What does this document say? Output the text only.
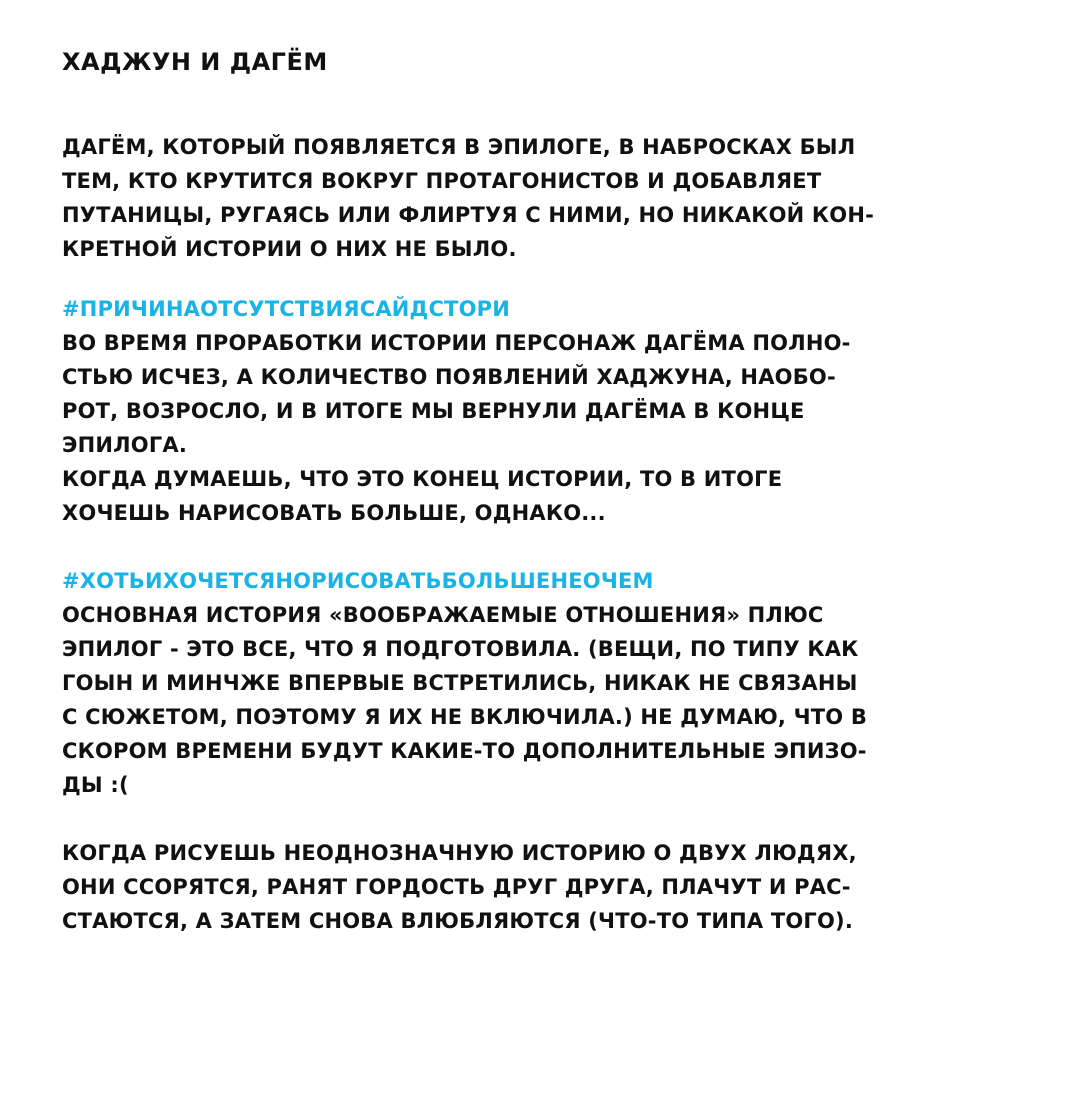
ХАДЖУН И ДАГЁМ
ДАГЁМ, КОТОРЫЙ ПОЯВЛЯЕТСЯ В ЭПИЛОГЕ, В НАБРОСКАХ БЫЛ
ТЕМ, КТО КРУТИТСЯ ВОКРУГ ПРОТАГОНИСТОВ И ДОБАВЛЯЕТ
ПУТАНИЦЫ, РУГАЯСЬ ИЛИ ФЛИРТУЯ С НИМИ, НО НИКАКОЙ КОН-
КРЕТНОЙ ИСТОРИИ О НИХ НЕ БЫЛО.
#ПРИЧИНАОТСУТСТВИЯСАЙДСТОРИ
ВО ВРЕМЯ ПРОРАБОТКИ ИСТОРИИ ПЕРСОНАЖ ДАГЁМА ПОЛНО-
СТЬЮ ИСЧЕЗ, А КОЛИЧЕСТВО ПОЯВЛЕНИЙ ХАДЖУНА, НАОБО-
РОТ, ВОЗРОСЛО, И В ИТОГЕ МЫ ВЕРНУЛИ ДАГЁМА В КОНЦЕ
ЭПИЛОГА.
КОГДА ДУМАЕШЬ, ЧТО ЭТО КОНЕЦ ИСТОРИИ, ТО В ИТОГЕ
ХОЧЕШЬ НАРИСОВАТЬ БОЛЬШЕ, ОДНАКО...
#ХОТЬИХОЧЕТСЯНОРИСОВАТЬБОЛЬШЕНЕОЧЕМ
ОСНОВНАЯ ИСТОРИЯ «ВООБРАЖАЕМЫЕ ОТНОШЕНИЯ» ПЛЮС
ЭПИЛОГ - ЭТО ВСЕ, ЧТО Я ПОДГОТОВИЛА. (ВЕЩИ, ПО ТИПУ КАК
ГОЫН И МИНЧЖЕ ВПЕРВЫЕ ВСТРЕТИЛИСЬ, НИКАК НЕ СВЯЗАНЫ
С СЮЖЕТОМ, ПОЭТОМУ Я ИХ НЕ ВКЛЮЧИЛА.) НЕ ДУМАЮ, ЧТО В
СКОРОМ ВРЕМЕНИ БУДУТ КАКИЕ-ТО ДОПОЛНИТЕЛЬНЫЕ ЭПИЗО-
ДЫ :(
КОГДА РИСУЕШЬ НЕОДНОЗНАЧНУЮ ИСТОРИЮ О ДВУХ ЛЮДЯХ,
ОНИ ССОРЯТСЯ, РАНЯТ ГОРДОСТЬ ДРУГ ДРУГА, ПЛАЧУТ И РАС-
СТАЮТСЯ, А ЗАТЕМ СНОВА ВЛЮБЛЯЮТСЯ (ЧТО-ТО ТИПА ТОГО).
